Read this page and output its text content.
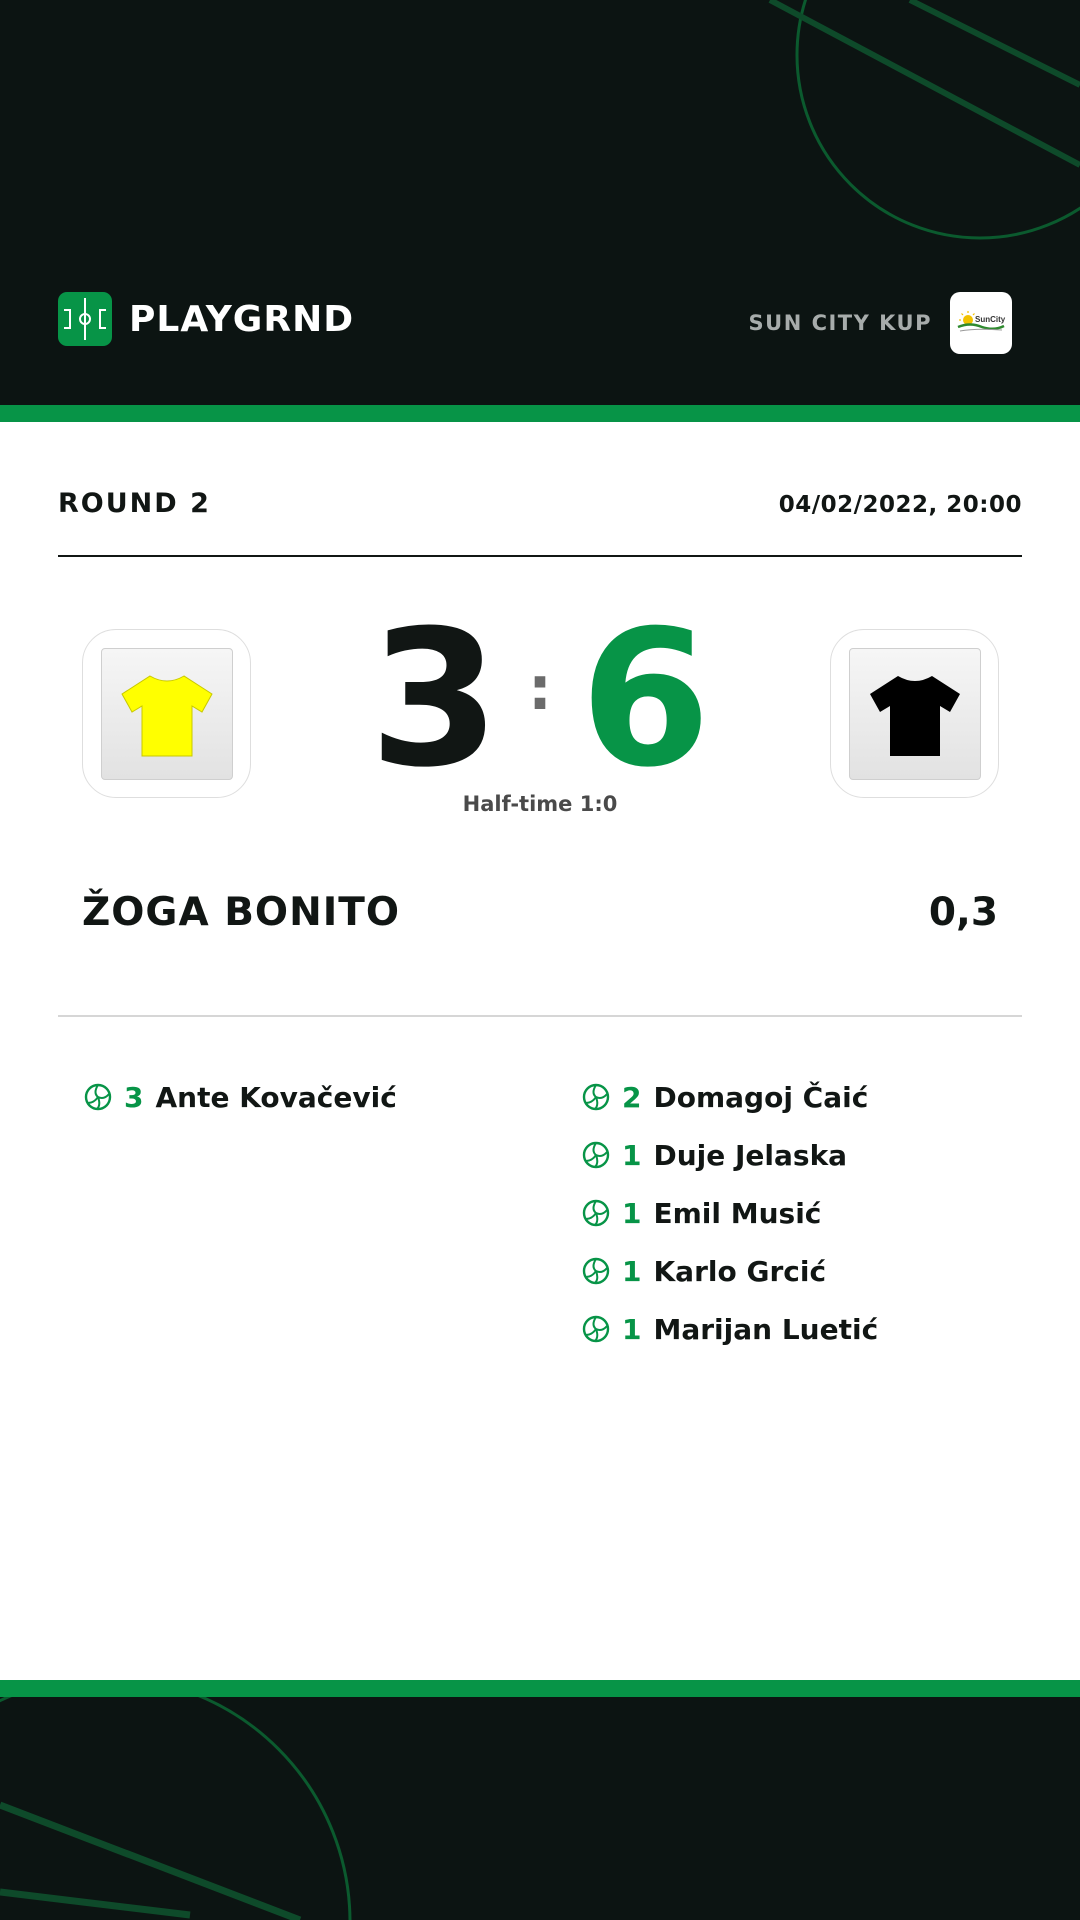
PLAYGRND	SUN CITY KUP	SunCity
ROUND 2	04/02/2022, 20:00
3 : 6
Half-time 1:0
ŽOGA BONITO	0,3
3 Ante Kovačević	2 Domagoj Čaić
1 Duje Jelaska
1 Emil Musić
1 Karlo Grcić
1 Marijan Luetić
